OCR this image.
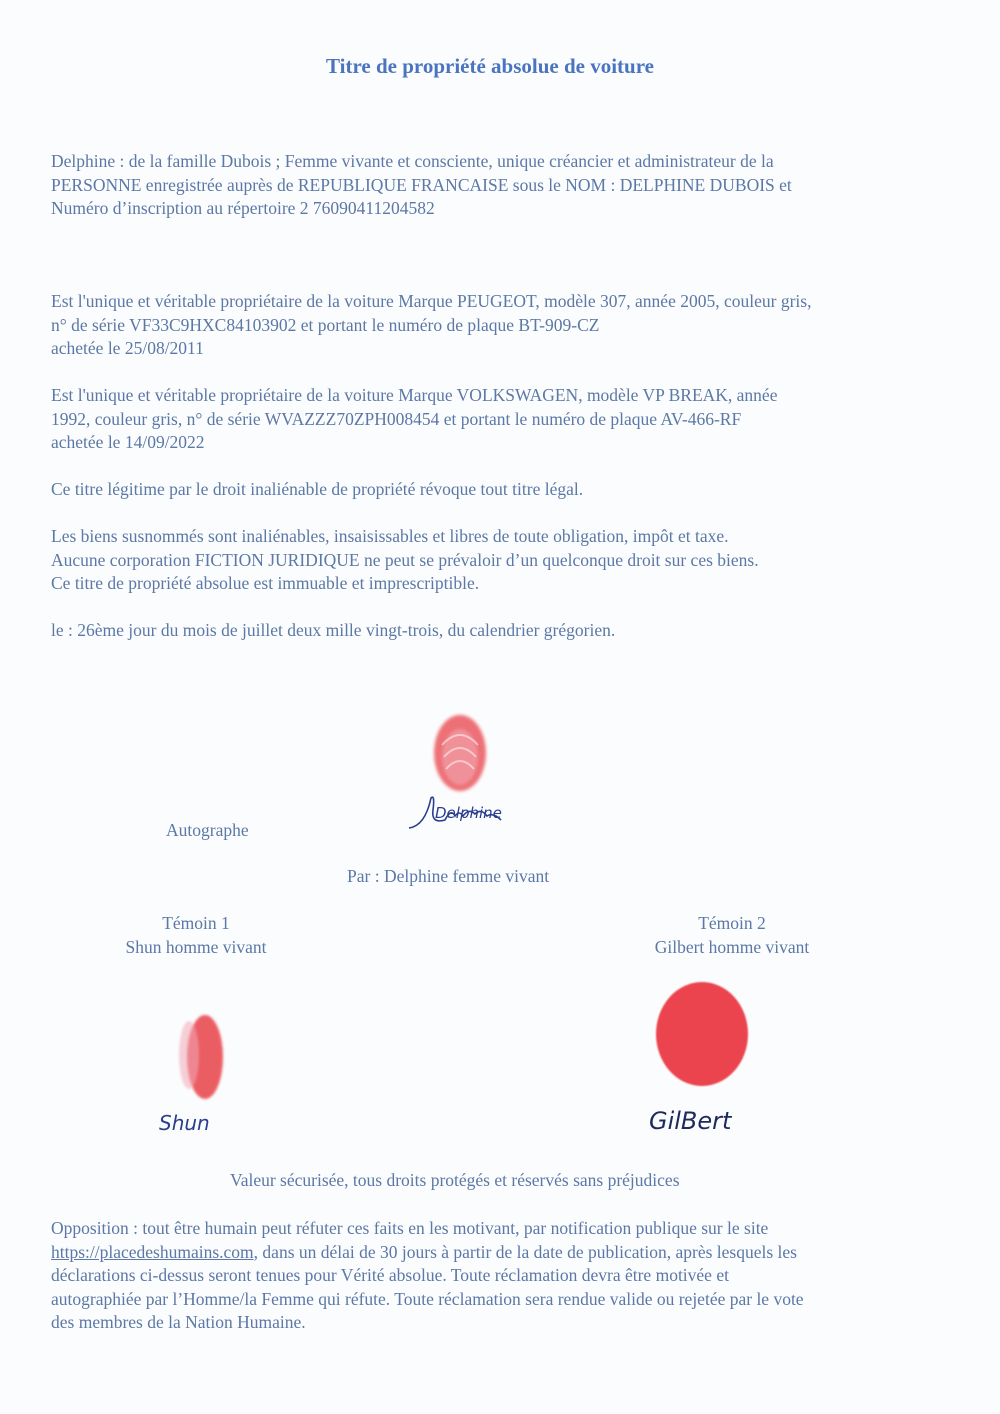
Titre de propriété absolue de voiture

Delphine : de la famille Dubois ; Femme vivante et consciente, unique créancier et administrateur de la
PERSONNE enregistrée auprès de REPUBLIQUE FRANCAISE sous le NOM : DELPHINE DUBOIS et
Numéro d’inscription au répertoire 2 76090411204582

Est l'unique et véritable propriétaire de la voiture Marque PEUGEOT, modèle 307, année 2005, couleur gris,
n° de série VF33C9HXC84103902 et portant le numéro de plaque BT-909-CZ
achetée le 25/08/2011

Est l'unique et véritable propriétaire de la voiture Marque VOLKSWAGEN, modèle VP BREAK, année
1992, couleur gris, n° de série WVAZZZ70ZPH008454 et portant le numéro de plaque AV-466-RF
achetée le 14/09/2022

Ce titre légitime par le droit inaliénable de propriété révoque tout titre légal.

Les biens susnommés sont inaliénables, insaisissables et libres de toute obligation, impôt et taxe.
Aucune corporation FICTION JURIDIQUE ne peut se prévaloir d’un quelconque droit sur ces biens.
Ce titre de propriété absolue est immuable et imprescriptible.

le : 26ème jour du mois de juillet deux mille vingt-trois, du calendrier grégorien.

Delphine
Autographe
Par : Delphine femme vivant
Témoin 1
Shun homme vivant
Témoin 2
Gilbert homme vivant
Shun	GilBert
Valeur sécurisée, tous droits protégés et réservés sans préjudices

Opposition : tout être humain peut réfuter ces faits en les motivant, par notification publique sur le site
https://placedeshumains.com, dans un délai de 30 jours à partir de la date de publication, après lesquels les
déclarations ci-dessus seront tenues pour Vérité absolue. Toute réclamation devra être motivée et
autographiée par l’Homme/la Femme qui réfute. Toute réclamation sera rendue valide ou rejetée par le vote
des membres de la Nation Humaine.
